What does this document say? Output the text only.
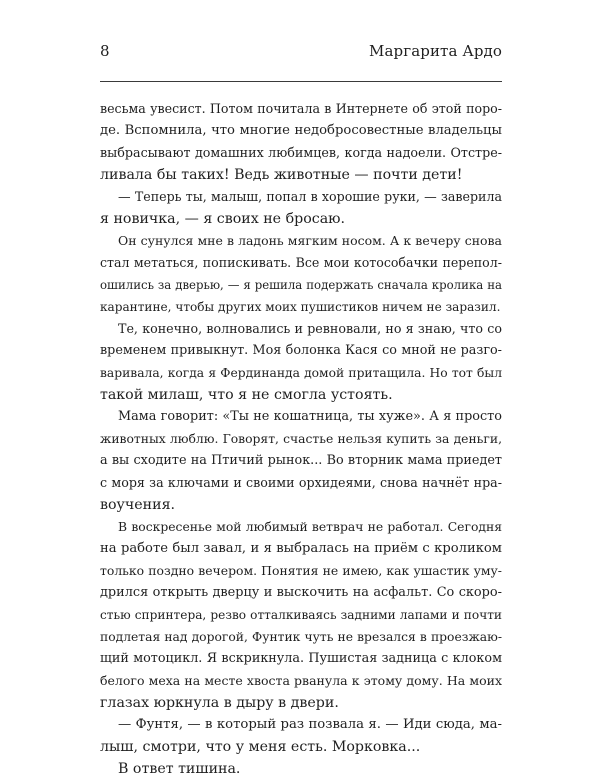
8	Маргарита Ардо

весьма увесист. Потом почитала в Интернете об этой поро-
де. Вспомнила, что многие недобросовестные владельцы
выбрасывают домашних любимцев, когда надоели. Отстре-
ливала бы таких! Ведь животные — почти дети!

— Теперь ты, малыш, попал в хорошие руки, — заверила
я новичка, — я своих не бросаю.

Он сунулся мне в ладонь мягким носом. А к вечеру снова
стал метаться, попискивать. Все мои котособачки перепол-
ошились за дверью, — я решила подержать сначала кролика на
карантине, чтобы других моих пушистиков ничем не заразил.

Те, конечно, волновались и ревновали, но я знаю, что со
временем привыкнут. Моя болонка Кася со мной не разго-
варивала, когда я Фердинанда домой притащила. Но тот был
такой милаш, что я не смогла устоять.

Мама говорит: «Ты не кошатница, ты хуже». А я просто
животных люблю. Говорят, счастье нельзя купить за деньги,
а вы сходите на Птичий рынок... Во вторник мама приедет
с моря за ключами и своими орхидеями, снова начнёт нра-
воучения.

В воскресенье мой любимый ветврач не работал. Сегодня
на работе был завал, и я выбралась на приём с кроликом
только поздно вечером. Понятия не имею, как ушастик уму-
дрился открыть дверцу и выскочить на асфальт. Со скоро-
стью спринтера, резво отталкиваясь задними лапами и почти
подлетая над дорогой, Фунтик чуть не врезался в проезжаю-
щий мотоцикл. Я вскрикнула. Пушистая задница с клоком
белого меха на месте хвоста рванула к этому дому. На моих
глазах юркнула в дыру в двери.

— Фунтя, — в который раз позвала я. — Иди сюда, ма-
лыш, смотри, что у меня есть. Морковка...

В ответ тишина.
